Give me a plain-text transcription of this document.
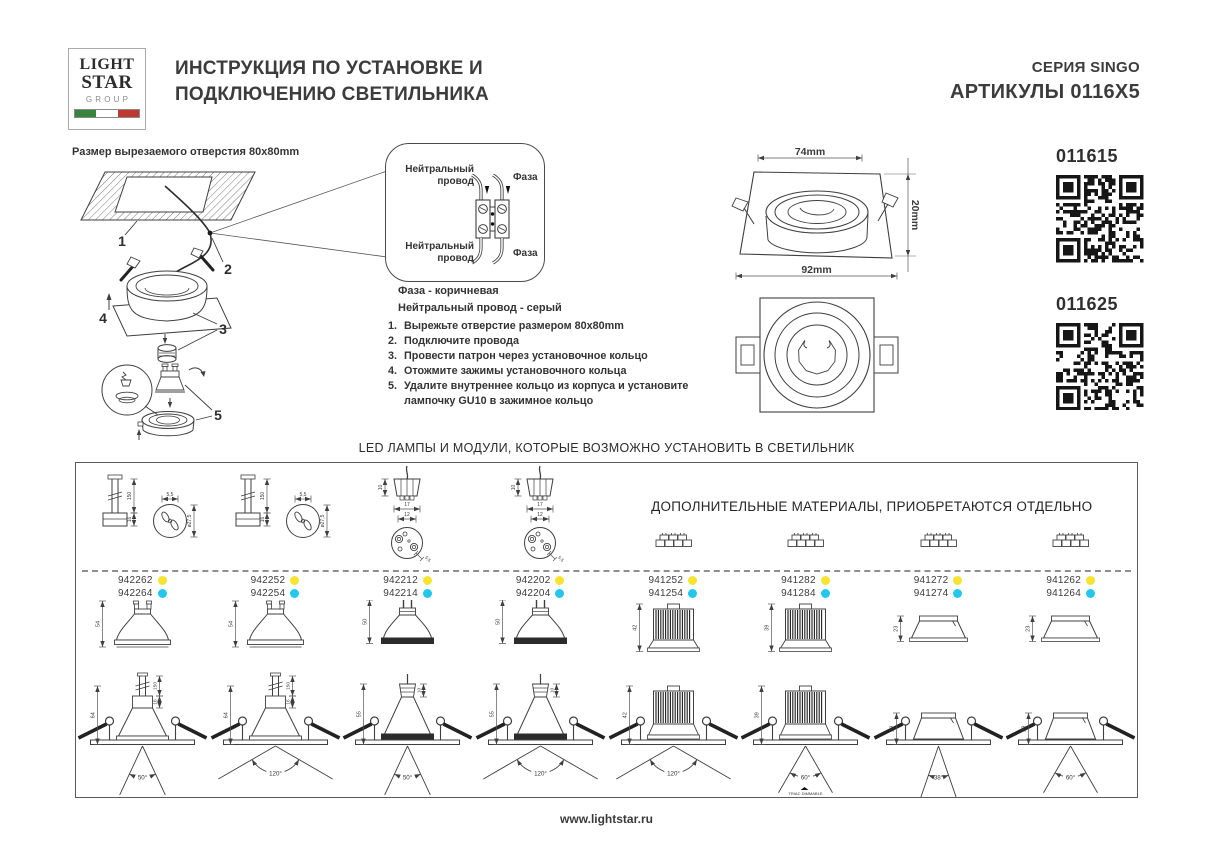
LIGHT
STAR
GROUP
ИНСТРУКЦИЯ ПО УСТАНОВКЕ И
ПОДКЛЮЧЕНИЮ СВЕТИЛЬНИКА
СЕРИЯ SINGO
АРТИКУЛЫ 0116X5
Размер вырезаемого отверстия 80x80mm
1
2
3
4
5
Нейтральный
провод	Фаза
Нейтральный
провод	Фаза
Фаза - коричневая
Нейтральный провод - серый
1. Вырежьте отверстие размером 80x80mm
2. Подключите провода
3. Провести патрон через установочное кольцо
4. Отожмите зажимы установочного кольца
5. Удалите внутреннее кольцо из корпуса и установите лампочку GU10 в зажимное кольцо
74mm
20mm
92mm
011615
011625
LED ЛАМПЫ И МОДУЛИ, КОТОРЫЕ ВОЗМОЖНО УСТАНОВИТЬ В СВЕТИЛЬНИК
ДОПОЛНИТЕЛЬНЫЕ МАТЕРИАЛЫ, ПРИОБРЕТАЮТСЯ ОТДЕЛЬНО
150
16
5,5
ø27,5
942262
942264
54
150
16
64
50°
150
16
5,5
ø27,5
942252
942254
54
150
16
64
120°
10
17
12
5,5
942212
942214
50
10
55
50°
10
17
12
5,5
942202
942204
50
10
55
120°
941252
941254
42
42
120°
941282
941284
39
39
60°
TRIAC DIMMABLE
941272
941274
23
29
38°
941262
941264
23
29
60°
www.lightstar.ru
